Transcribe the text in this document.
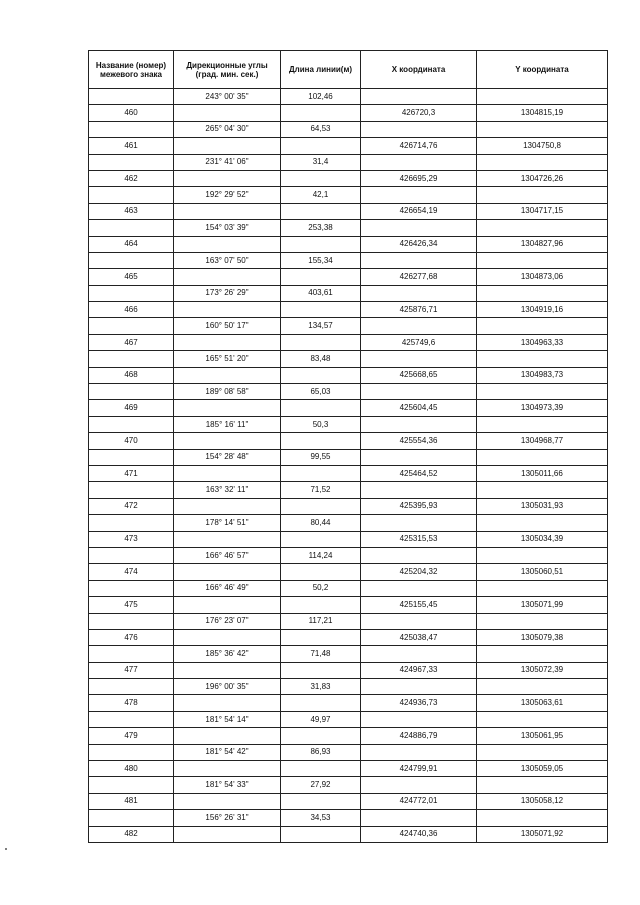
Название (номер) межевого знака	Дирекционные углы (град. мин. сек.)	Длина линии(м)	X координата	Y координата
	243° 00' 35"	102,46		
460			426720,3	1304815,19
	265° 04' 30"	64,53		
461			426714,76	1304750,8
	231° 41' 06"	31,4		
462			426695,29	1304726,26
	192° 29' 52"	42,1		
463			426654,19	1304717,15
	154° 03' 39"	253,38		
464			426426,34	1304827,96
	163° 07' 50"	155,34		
465			426277,68	1304873,06
	173° 26' 29"	403,61		
466			425876,71	1304919,16
	160° 50' 17"	134,57		
467			425749,6	1304963,33
	165° 51' 20"	83,48		
468			425668,65	1304983,73
	189° 08' 58"	65,03		
469			425604,45	1304973,39
	185° 16' 11"	50,3		
470			425554,36	1304968,77
	154° 28' 48"	99,55		
471			425464,52	1305011,66
	163° 32' 11"	71,52		
472			425395,93	1305031,93
	178° 14' 51"	80,44		
473			425315,53	1305034,39
	166° 46' 57"	114,24		
474			425204,32	1305060,51
	166° 46' 49"	50,2		
475			425155,45	1305071,99
	176° 23' 07"	117,21		
476			425038,47	1305079,38
	185° 36' 42"	71,48		
477			424967,33	1305072,39
	196° 00' 35"	31,83		
478			424936,73	1305063,61
	181° 54' 14"	49,97		
479			424886,79	1305061,95
	181° 54' 42"	86,93		
480			424799,91	1305059,05
	181° 54' 33"	27,92		
481			424772,01	1305058,12
	156° 26' 31"	34,53		
482			424740,36	1305071,92
